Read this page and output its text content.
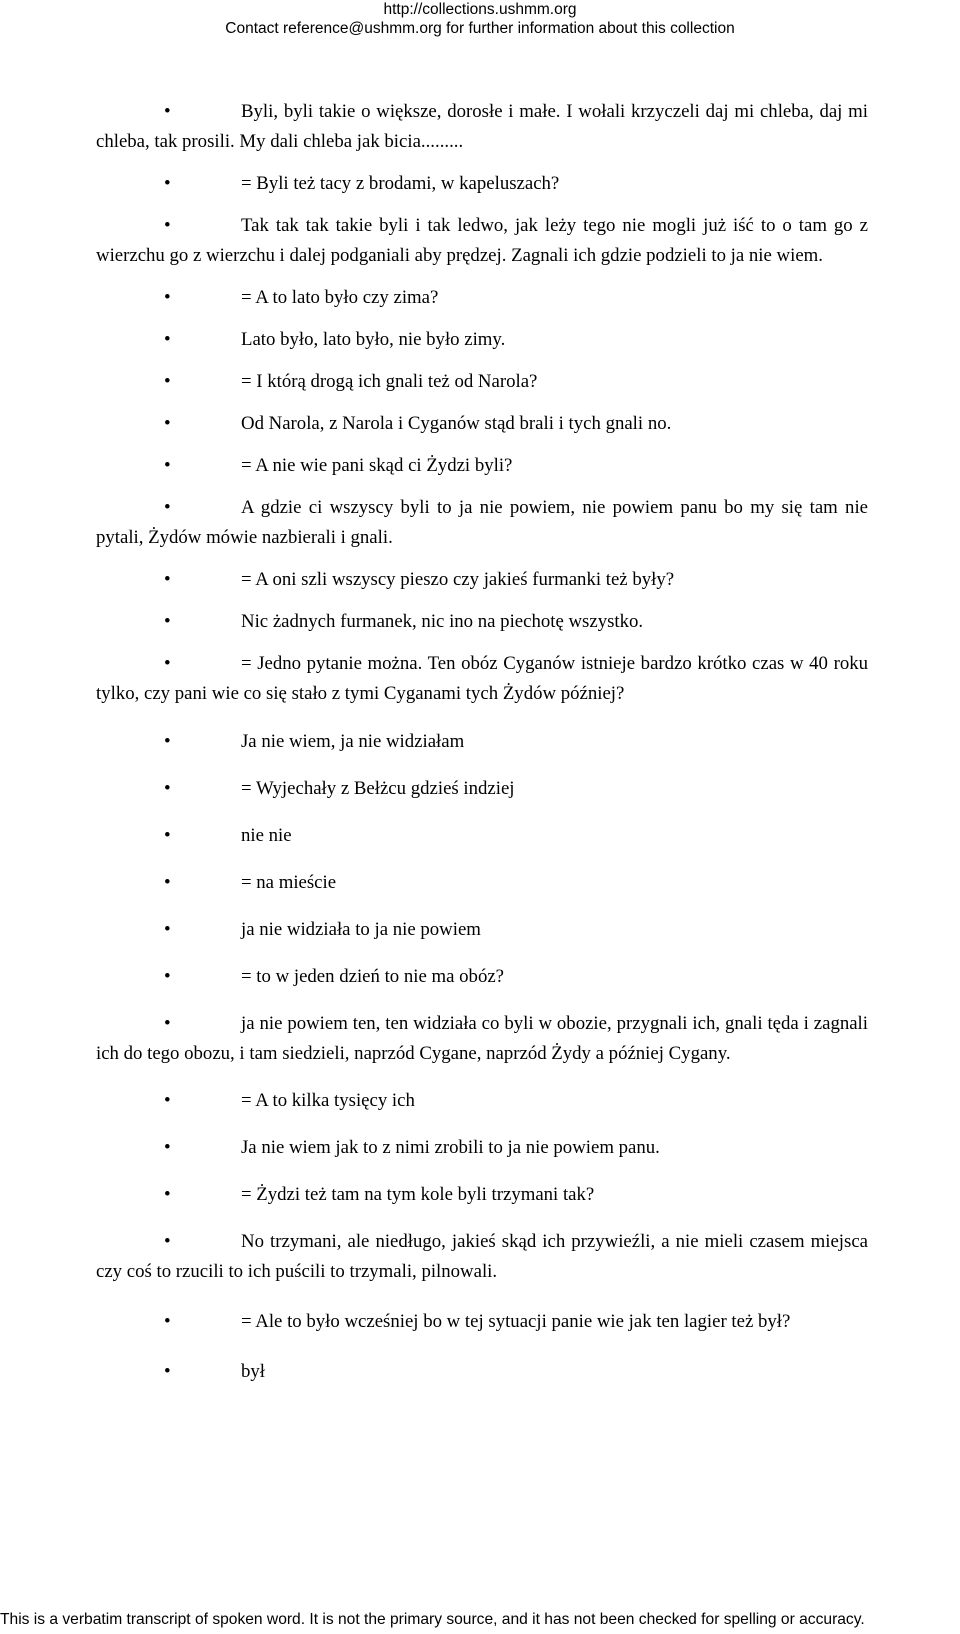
http://collections.ushmm.org
Contact reference@ushmm.org for further information about this collection

•	Byli, byli takie o większe, dorosłe i małe. I wołali krzyczeli daj mi chleba, daj mi chleba, tak prosili. My dali chleba jak bicia.........

•	= Byli też tacy z brodami, w kapeluszach?

•	Tak tak tak takie byli i tak ledwo, jak leży tego nie mogli już iść to o tam go z wierzchu go z wierzchu i dalej podganiali aby prędzej. Zagnali ich gdzie podzieli to ja nie wiem.

•	= A to lato było czy zima?

•	Lato było, lato było, nie było zimy.

•	= I którą drogą ich gnali też od Narola?

•	Od Narola, z Narola i Cyganów stąd brali i tych gnali no.

•	= A nie wie pani skąd ci Żydzi byli?

•	A gdzie ci wszyscy byli to ja nie powiem, nie powiem panu bo my się tam nie pytali, Żydów mówie nazbierali i gnali.

•	= A oni szli wszyscy pieszo czy jakieś furmanki też były?

•	Nic żadnych furmanek, nic ino na piechotę wszystko.

•	= Jedno pytanie można. Ten obóz Cyganów istnieje bardzo krótko czas w 40 roku tylko, czy pani wie co się stało z tymi Cyganami tych Żydów później?

•	Ja nie wiem, ja nie widziałam

•	= Wyjechały z Bełżcu gdzieś indziej

•	nie nie

•	= na mieście

•	ja nie widziała to ja nie powiem

•	= to w jeden dzień to nie ma obóz?

•	ja nie powiem ten, ten widziała co byli w obozie, przygnali ich, gnali tęda i zagnali ich do tego obozu, i tam siedzieli, naprzód Cygane, naprzód Żydy a później Cygany.

•	= A to kilka tysięcy ich

•	Ja nie wiem jak to z nimi zrobili to ja nie powiem panu.

•	= Żydzi też tam na tym kole byli trzymani tak?

•	No trzymani, ale niedługo, jakieś skąd ich przywieźli, a nie mieli czasem miejsca czy coś to rzucili to ich puścili to trzymali, pilnowali.

•	= Ale to było wcześniej bo w tej sytuacji panie wie jak ten lagier też był?

•	był

This is a verbatim transcript of spoken word. It is not the primary source, and it has not been checked for spelling or accuracy.
